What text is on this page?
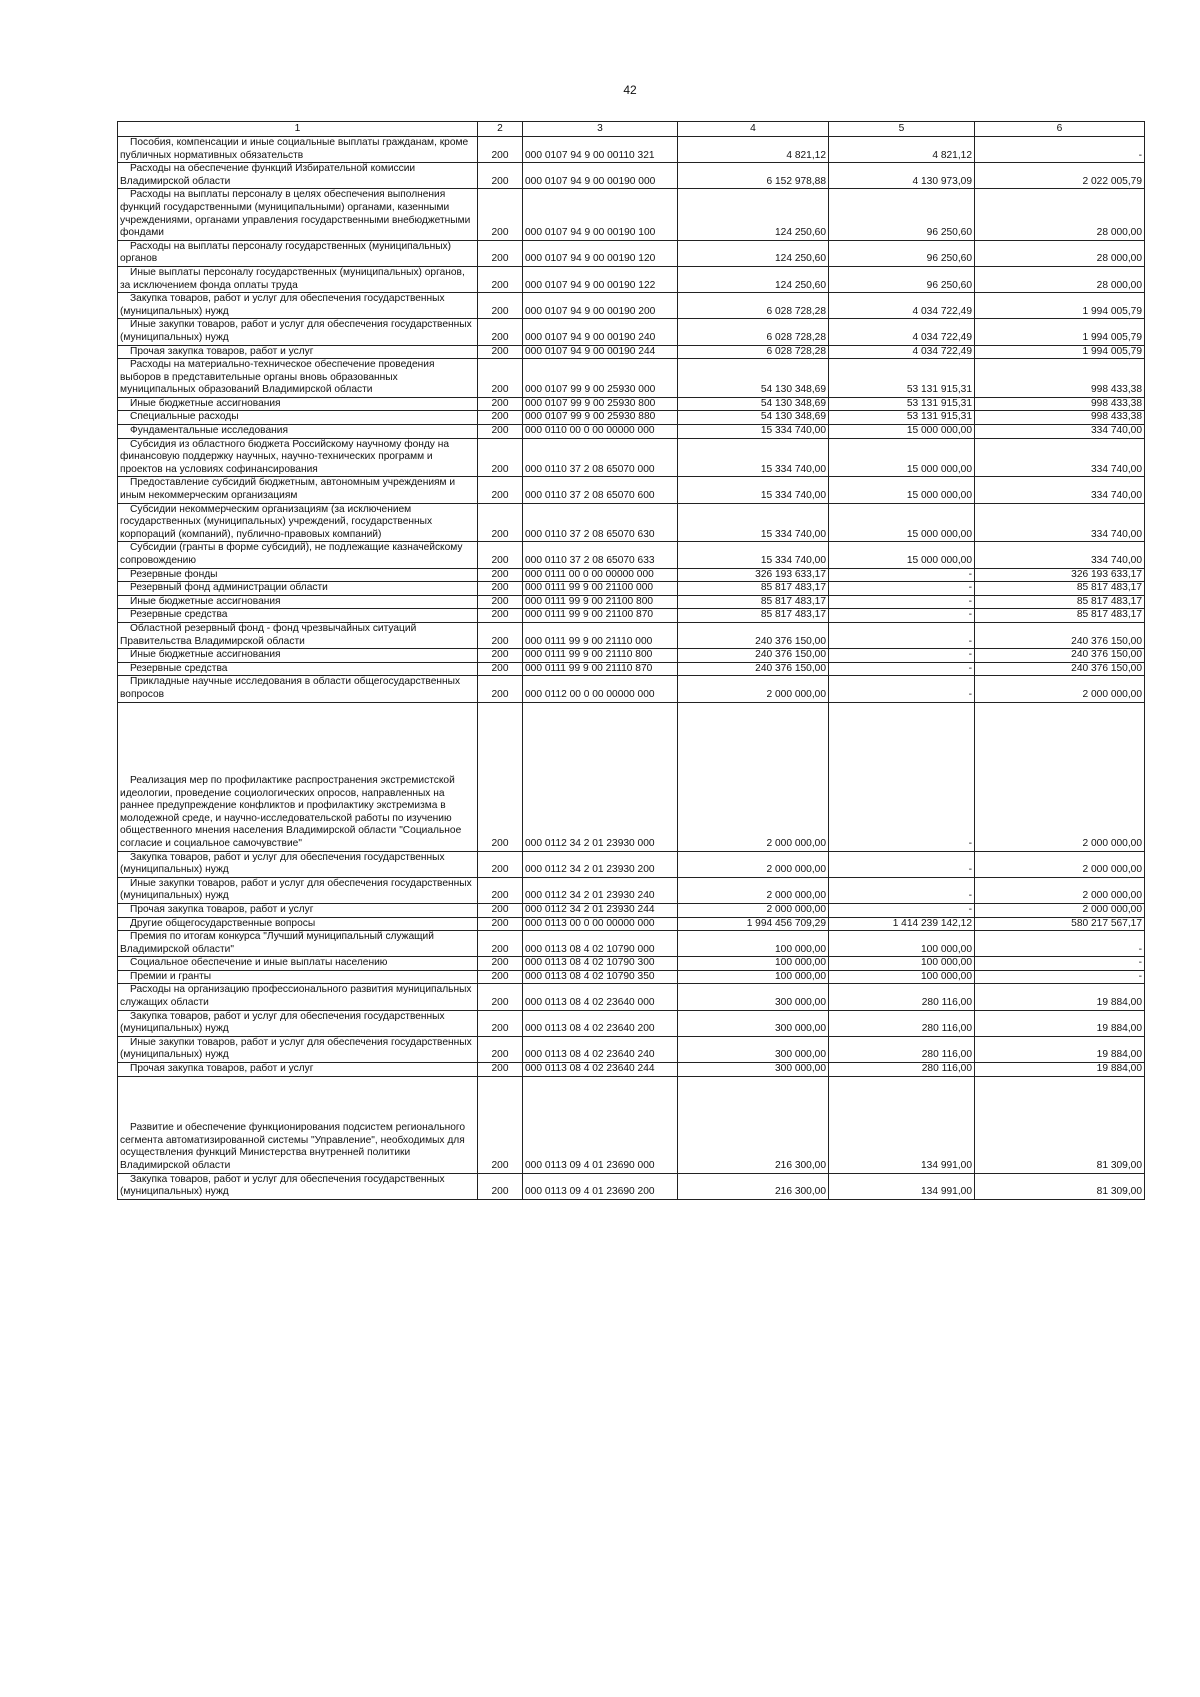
42
1	2	3	4	5	6

Пособия, компенсации и иные социальные выплаты гражданам, кроме публичных нормативных обязательств	200	000 0107 94 9 00 00110 321	4 821,12	4 821,12	-

Расходы на обеспечение функций Избирательной комиссии Владимирской области	200	000 0107 94 9 00 00190 000	6 152 978,88	4 130 973,09	2 022 005,79

Расходы на выплаты персоналу в целях обеспечения выполнения функций государственными (муниципальными) органами, казенными учреждениями, органами управления государственными внебюджетными фондами	200	000 0107 94 9 00 00190 100	124 250,60	96 250,60	28 000,00

Расходы на выплаты персоналу государственных (муниципальных) органов	200	000 0107 94 9 00 00190 120	124 250,60	96 250,60	28 000,00

Иные выплаты персоналу государственных (муниципальных) органов, за исключением фонда оплаты труда	200	000 0107 94 9 00 00190 122	124 250,60	96 250,60	28 000,00

Закупка товаров, работ и услуг для обеспечения государственных (муниципальных) нужд	200	000 0107 94 9 00 00190 200	6 028 728,28	4 034 722,49	1 994 005,79

Иные закупки товаров, работ и услуг для обеспечения государственных (муниципальных) нужд	200	000 0107 94 9 00 00190 240	6 028 728,28	4 034 722,49	1 994 005,79

Прочая закупка товаров, работ и услуг	200	000 0107 94 9 00 00190 244	6 028 728,28	4 034 722,49	1 994 005,79

Расходы на материально-техническое обеспечение проведения выборов в представительные органы вновь образованных муниципальных образований Владимирской области	200	000 0107 99 9 00 25930 000	54 130 348,69	53 131 915,31	998 433,38

Иные бюджетные ассигнования	200	000 0107 99 9 00 25930 800	54 130 348,69	53 131 915,31	998 433,38

Специальные расходы	200	000 0107 99 9 00 25930 880	54 130 348,69	53 131 915,31	998 433,38

Фундаментальные исследования	200	000 0110 00 0 00 00000 000	15 334 740,00	15 000 000,00	334 740,00

Субсидия из областного бюджета Российскому научному фонду на финансовую поддержку научных, научно-технических программ и проектов на условиях софинансирования	200	000 0110 37 2 08 65070 000	15 334 740,00	15 000 000,00	334 740,00

Предоставление субсидий бюджетным, автономным учреждениям и иным некоммерческим организациям	200	000 0110 37 2 08 65070 600	15 334 740,00	15 000 000,00	334 740,00

Субсидии некоммерческим организациям (за исключением государственных (муниципальных) учреждений, государственных корпораций (компаний), публично-правовых компаний)	200	000 0110 37 2 08 65070 630	15 334 740,00	15 000 000,00	334 740,00

Субсидии (гранты в форме субсидий), не подлежащие казначейскому сопровождению	200	000 0110 37 2 08 65070 633	15 334 740,00	15 000 000,00	334 740,00

Резервные фонды	200	000 0111 00 0 00 00000 000	326 193 633,17	-	326 193 633,17

Резервный фонд администрации области	200	000 0111 99 9 00 21100 000	85 817 483,17	-	85 817 483,17

Иные бюджетные ассигнования	200	000 0111 99 9 00 21100 800	85 817 483,17	-	85 817 483,17

Резервные средства	200	000 0111 99 9 00 21100 870	85 817 483,17	-	85 817 483,17

Областной резервный фонд - фонд чрезвычайных ситуаций Правительства Владимирской области	200	000 0111 99 9 00 21110 000	240 376 150,00	-	240 376 150,00

Иные бюджетные ассигнования	200	000 0111 99 9 00 21110 800	240 376 150,00	-	240 376 150,00

Резервные средства	200	000 0111 99 9 00 21110 870	240 376 150,00	-	240 376 150,00

Прикладные научные исследования в области общегосударственных вопросов	200	000 0112 00 0 00 00000 000	2 000 000,00	-	2 000 000,00

Реализация мер по профилактике распространения экстремистской идеологии, проведение социологических опросов, направленных на раннее предупреждение конфликтов и профилактику экстремизма в молодежной среде, и научно-исследовательской работы по изучению общественного мнения населения Владимирской области "Социальное согласие и социальное самочувствие"	200	000 0112 34 2 01 23930 000	2 000 000,00	-	2 000 000,00

Закупка товаров, работ и услуг для обеспечения государственных (муниципальных) нужд	200	000 0112 34 2 01 23930 200	2 000 000,00	-	2 000 000,00

Иные закупки товаров, работ и услуг для обеспечения государственных (муниципальных) нужд	200	000 0112 34 2 01 23930 240	2 000 000,00	-	2 000 000,00

Прочая закупка товаров, работ и услуг	200	000 0112 34 2 01 23930 244	2 000 000,00	-	2 000 000,00

Другие общегосударственные вопросы	200	000 0113 00 0 00 00000 000	1 994 456 709,29	1 414 239 142,12	580 217 567,17

Премия по итогам конкурса "Лучший муниципальный служащий Владимирской области"	200	000 0113 08 4 02 10790 000	100 000,00	100 000,00	-

Социальное обеспечение и иные выплаты населению	200	000 0113 08 4 02 10790 300	100 000,00	100 000,00	-

Премии и гранты	200	000 0113 08 4 02 10790 350	100 000,00	100 000,00	-

Расходы на организацию профессионального развития муниципальных служащих области	200	000 0113 08 4 02 23640 000	300 000,00	280 116,00	19 884,00

Закупка товаров, работ и услуг для обеспечения государственных (муниципальных) нужд	200	000 0113 08 4 02 23640 200	300 000,00	280 116,00	19 884,00

Иные закупки товаров, работ и услуг для обеспечения государственных (муниципальных) нужд	200	000 0113 08 4 02 23640 240	300 000,00	280 116,00	19 884,00

Прочая закупка товаров, работ и услуг	200	000 0113 08 4 02 23640 244	300 000,00	280 116,00	19 884,00

Развитие и обеспечение функционирования подсистем регионального сегмента автоматизированной системы "Управление", необходимых для осуществления функций Министерства внутренней политики Владимирской области	200	000 0113 09 4 01 23690 000	216 300,00	134 991,00	81 309,00

Закупка товаров, работ и услуг для обеспечения государственных (муниципальных) нужд	200	000 0113 09 4 01 23690 200	216 300,00	134 991,00	81 309,00
